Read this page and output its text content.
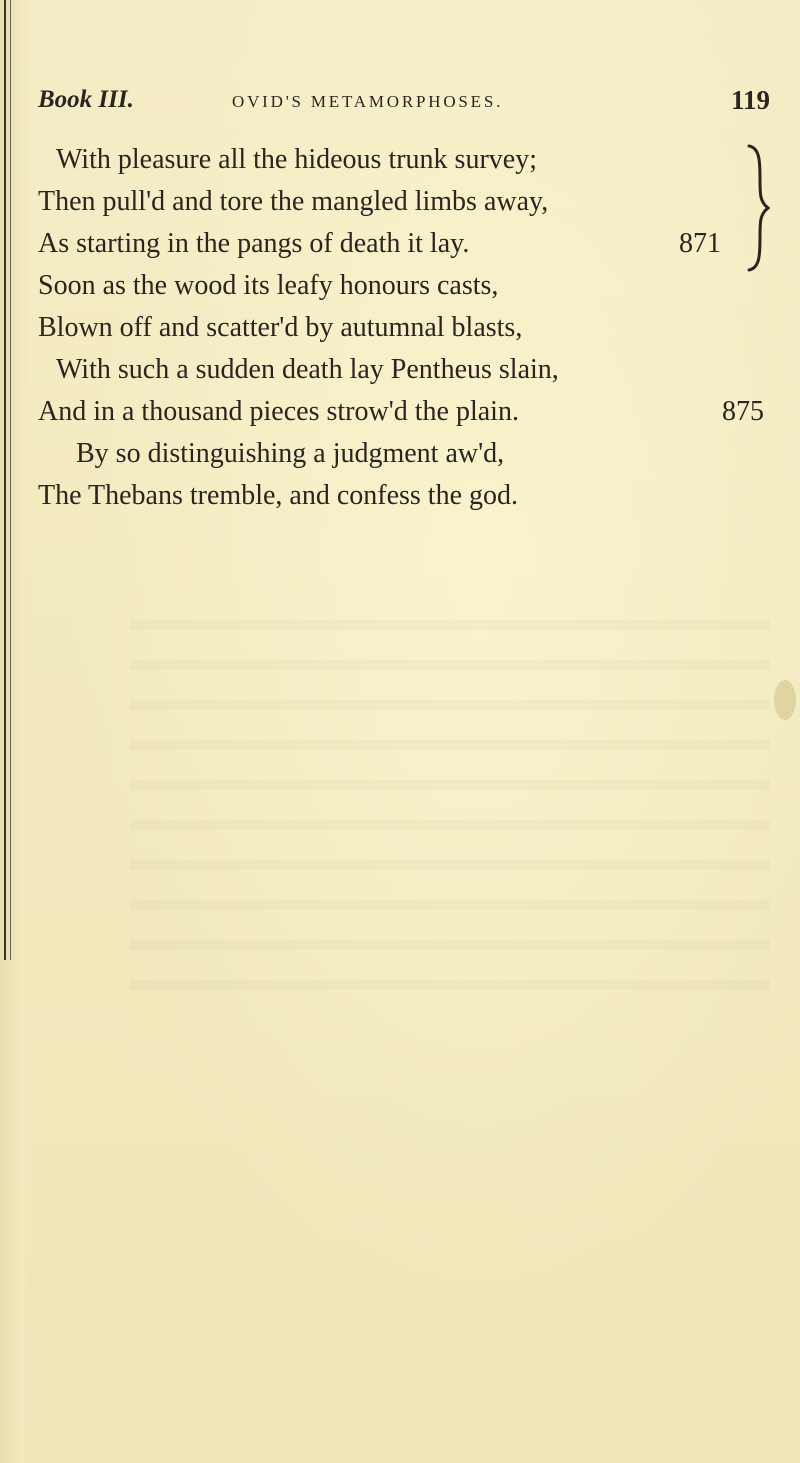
Book III.	OVID'S METAMORPHOSES.	119
With pleasure all the hideous trunk survey;
Then pull'd and tore the mangled limbs away,
As starting in the pangs of death it lay.	871
Soon as the wood its leafy honours casts,
Blown off and scatter'd by autumnal blasts,
With such a sudden death lay Pentheus slain,
And in a thousand pieces strow'd the plain.	875
By so distinguishing a judgment aw'd,
The Thebans tremble, and confess the god.
